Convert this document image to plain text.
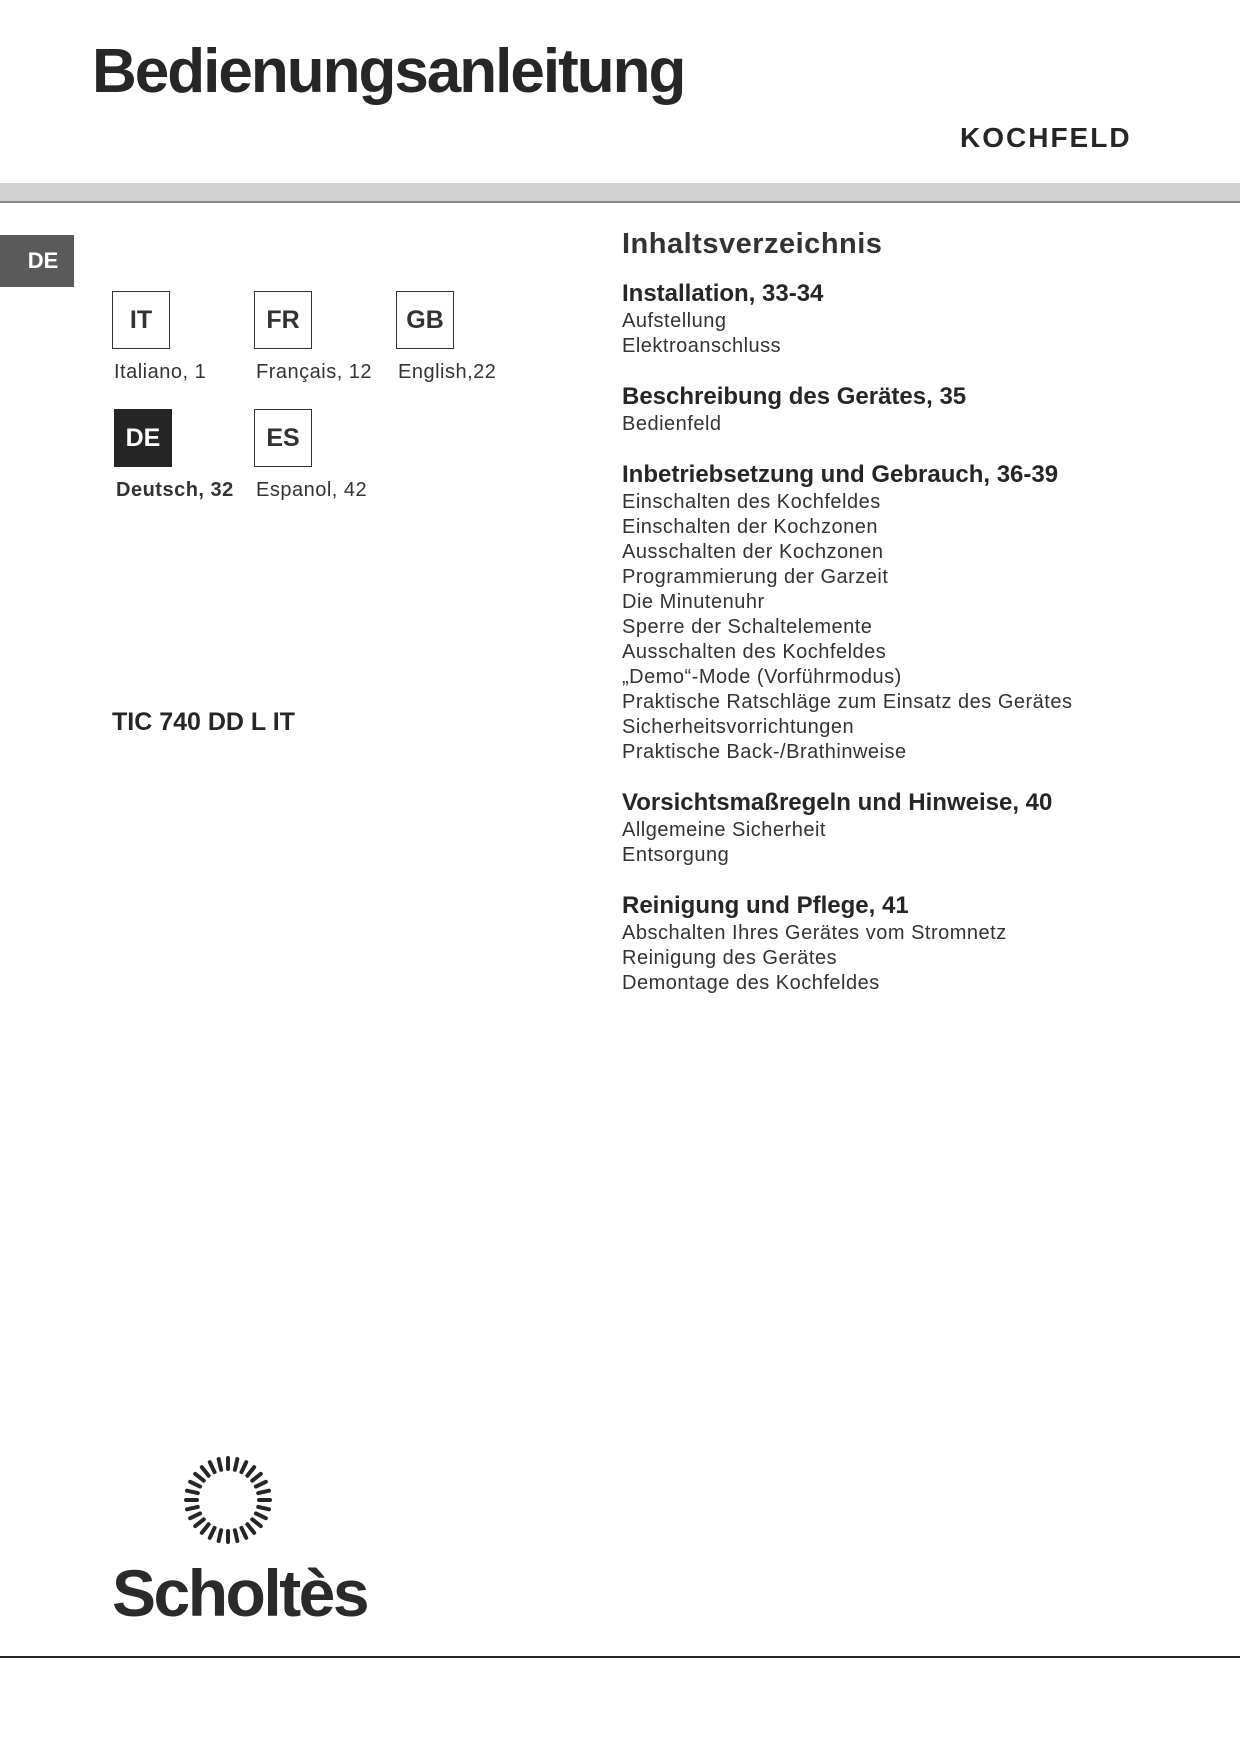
Bedienungsanleitung
KOCHFELD
DE
IT
Italiano, 1
FR
Français, 12
GB
English,22
DE
Deutsch, 32
ES
Espanol, 42
TIC 740 DD L IT
Inhaltsverzeichnis
Installation, 33-34
Aufstellung
Elektroanschluss
Beschreibung des Gerätes, 35
Bedienfeld
Inbetriebsetzung und Gebrauch, 36-39
Einschalten des Kochfeldes
Einschalten der Kochzonen
Ausschalten der Kochzonen
Programmierung der Garzeit
Die Minutenuhr
Sperre der Schaltelemente
Ausschalten des Kochfeldes
„Demo“-Mode (Vorführmodus)
Praktische Ratschläge zum Einsatz des Gerätes
Sicherheitsvorrichtungen
Praktische Back-/Brathinweise
Vorsichtsmaßregeln und Hinweise, 40
Allgemeine Sicherheit
Entsorgung
Reinigung und Pflege, 41
Abschalten Ihres Gerätes vom Stromnetz
Reinigung des Gerätes
Demontage des Kochfeldes
Scholtès
